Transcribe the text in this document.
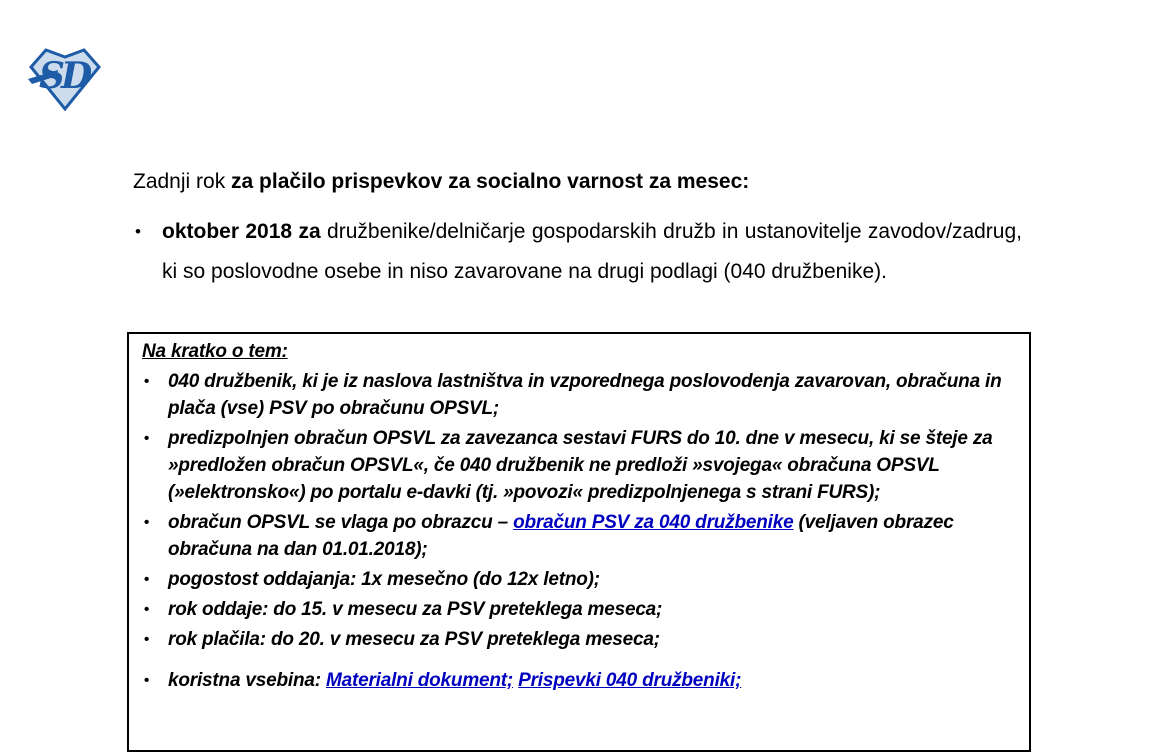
SD
Zadnji rok za plačilo prispevkov za socialno varnost za mesec:
•	oktober 2018 za družbenike/delničarje gospodarskih družb in ustanovitelje zavodov/zadrug, ki so poslovodne osebe in niso zavarovane na drugi podlagi (040 družbenike).
Na kratko o tem:
• 040 družbenik, ki je iz naslova lastništva in vzporednega poslovodenja zavarovan, obračuna in plača (vse) PSV po obračunu OPSVL;
• predizpolnjen obračun OPSVL za zavezanca sestavi FURS do 10. dne v mesecu, ki se šteje za »predložen obračun OPSVL«, če 040 družbenik ne predloži »svojega« obračuna OPSVL (»elektronsko«) po portalu e-davki (tj. »povozi« predizpolnjenega s strani FURS);
• obračun OPSVL se vlaga po obrazcu – obračun PSV za 040 družbenike (veljaven obrazec obračuna na dan 01.01.2018);
• pogostost oddajanja: 1x mesečno (do 12x letno);
• rok oddaje: do 15. v mesecu za PSV preteklega meseca;
• rok plačila: do 20. v mesecu za PSV preteklega meseca;
• koristna vsebina: Materialni dokument; Prispevki 040 družbeniki;
